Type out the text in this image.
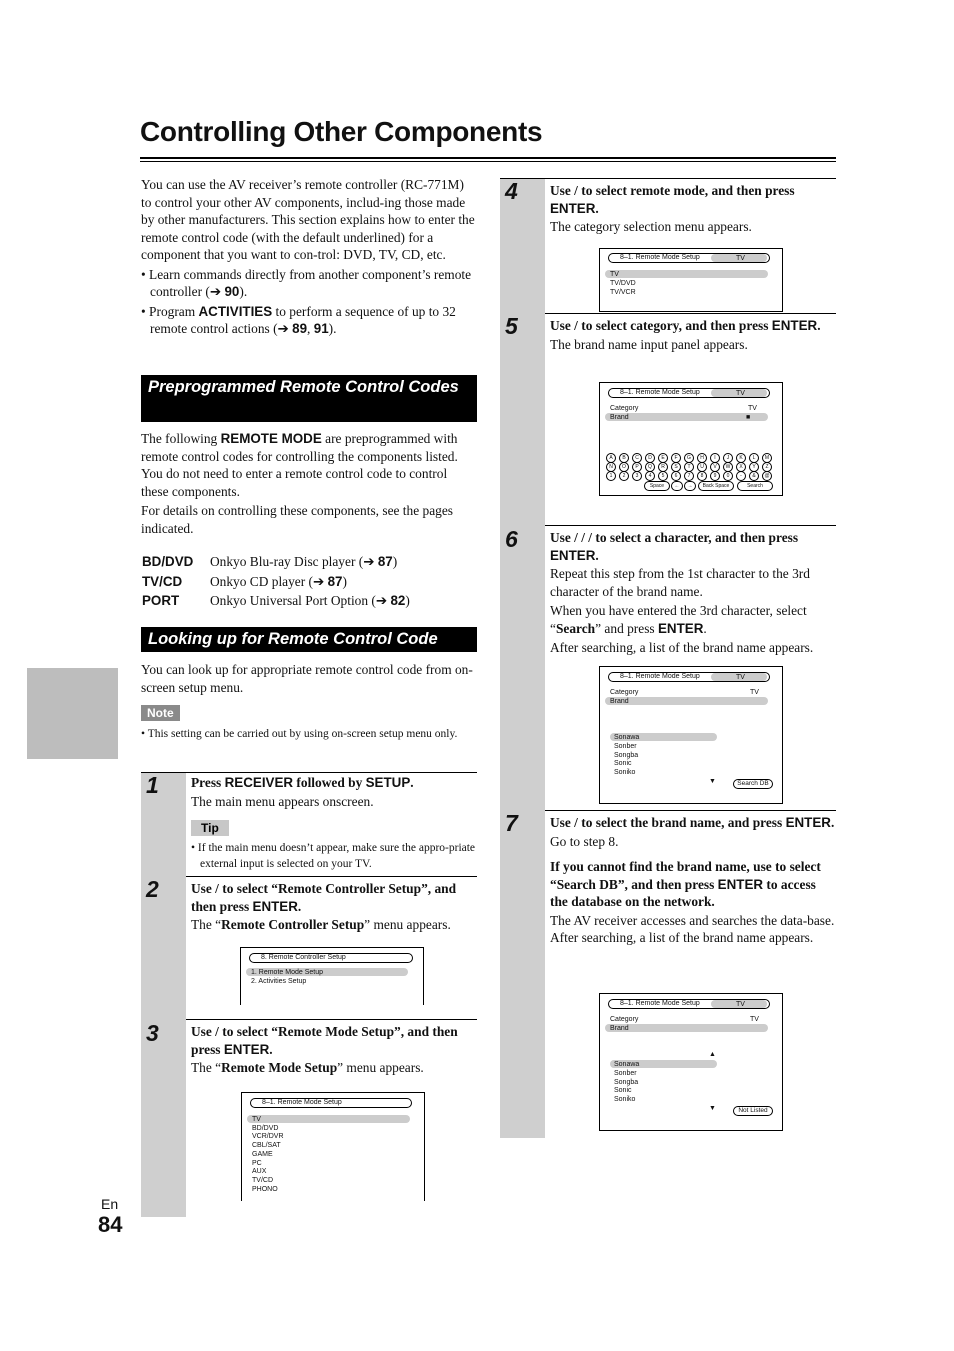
Controlling Other Components

You can use the AV receiver’s remote controller (RC-771M) to control your other AV components, includ-ing those made by other manufacturers. This section explains how to enter the remote control code (with the default underlined) for a component that you want to con-trol: DVD, TV, CD, etc.

• Learn commands directly from another component’s remote controller (➔ 90).

• Program ACTIVITIES to perform a sequence of up to 32 remote control actions (➔ 89, 91).

Preprogrammed Remote Control Codes

The following REMOTE MODE are preprogrammed with remote control codes for controlling the components listed. You do not need to enter a remote control code to control these components.

For details on controlling these components, see the pages indicated.

BD/DVD Onkyo Blu-ray Disc player (➔ 87)
TV/CD Onkyo CD player (➔ 87)
PORT Onkyo Universal Port Option (➔ 82)
Looking up for Remote Control Code
You can look up for appropriate remote control code from on-screen setup menu.
Note
• This setting can be carried out by using on-screen setup menu only.
1 Press RECEIVER followed by SETUP.

The main menu appears onscreen.

Tip
• If the main menu doesn’t appear, make sure the appro-priate external input is selected on your TV.
2 Use / to select “Remote Controller Setup”, and then press ENTER.

The “Remote Controller Setup” menu appears.

8. Remote Controller Setup
1. Remote Mode Setup
2. Activities Setup
3 Use / to select “Remote Mode Setup”, and then press ENTER.

The “Remote Mode Setup” menu appears.

8–1. Remote Mode Setup
TV
BD/DVD
VCR/DVR
CBL/SAT
GAME
PC
AUX
TV/CD
PHONO
4 Use / to select remote mode, and then press ENTER.

The category selection menu appears.

8–1. Remote Mode Setup	TV
TV
TV/DVD
TV/VCR
5 Use / to select category, and then press ENTER.

The brand name input panel appears.

8–1. Remote Mode Setup	TV
Category	TV
Brand	■
A	B	C	D	E	F	G	H	I	J	K	L	M
N	O	P	Q	R	S	T	U	V	W	X	Y	Z
1	2	3	4	5	6	7	8	9	0	-	&	@
Space	←	→	Back Space	Search
6 Use / / / to select a character, and then press ENTER.

Repeat this step from the 1st character to the 3rd character of the brand name.

When you have entered the 3rd character, select “Search” and press ENTER.

After searching, a list of the brand name appears.

8–1. Remote Mode Setup	TV
Category	TV
Brand
Sonawa
Sonber
Songba
Sonic
Soniko
▼	Search DB
7 Use / to select the brand name, and press ENTER.

Go to step 8.

If you cannot find the brand name, use to select “Search DB”, and then press ENTER to access the database on the network.

The AV receiver accesses and searches the data-base. After searching, a list of the brand name appears.

8–1. Remote Mode Setup	TV
Category	TV
Brand
▲
Sonawa
Sonber
Songba
Sonic
Soniko
▼	Not Listed
En
84
